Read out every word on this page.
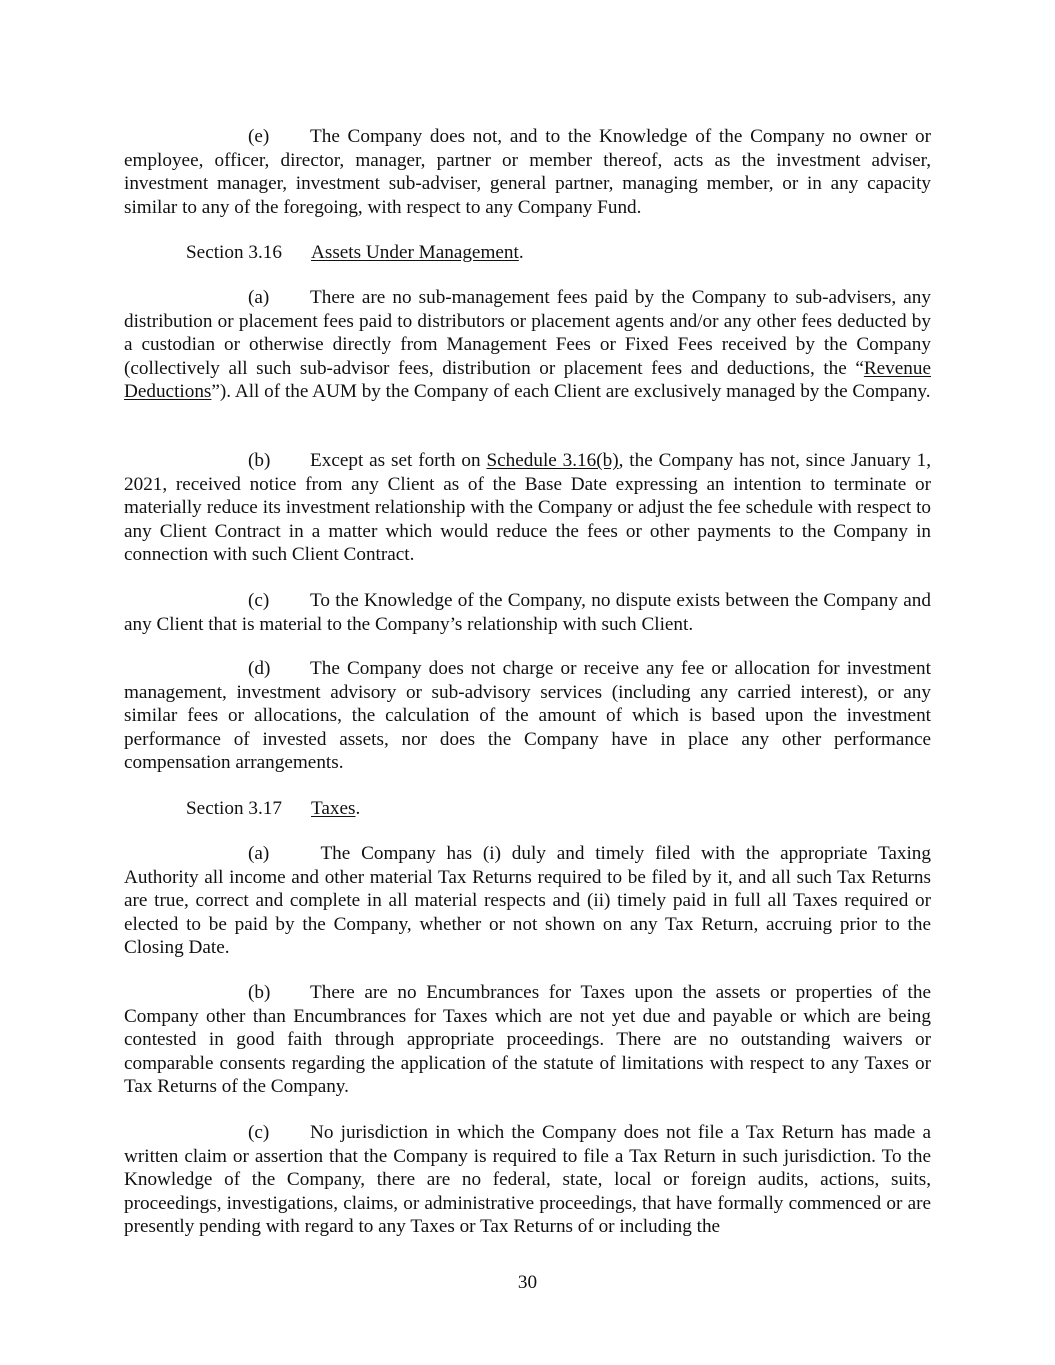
(e) The Company does not, and to the Knowledge of the Company no owner or employee, officer, director, manager, partner or member thereof, acts as the investment adviser, investment manager, investment sub-adviser, general partner, managing member, or in any capacity similar to any of the foregoing, with respect to any Company Fund.

Section 3.16 Assets Under Management.

(a) There are no sub-management fees paid by the Company to sub-advisers, any distribution or placement fees paid to distributors or placement agents and/or any other fees deducted by a custodian or otherwise directly from Management Fees or Fixed Fees received by the Company (collectively all such sub-advisor fees, distribution or placement fees and deductions, the “Revenue Deductions”). All of the AUM by the Company of each Client are exclusively managed by the Company.

(b) Except as set forth on Schedule 3.16(b), the Company has not, since January 1, 2021, received notice from any Client as of the Base Date expressing an intention to terminate or materially reduce its investment relationship with the Company or adjust the fee schedule with respect to any Client Contract in a matter which would reduce the fees or other payments to the Company in connection with such Client Contract.

(c) To the Knowledge of the Company, no dispute exists between the Company and any Client that is material to the Company’s relationship with such Client.

(d) The Company does not charge or receive any fee or allocation for investment management, investment advisory or sub-advisory services (including any carried interest), or any similar fees or allocations, the calculation of the amount of which is based upon the investment performance of invested assets, nor does the Company have in place any other performance compensation arrangements.

Section 3.17 Taxes.

(a) The Company has (i) duly and timely filed with the appropriate Taxing Authority all income and other material Tax Returns required to be filed by it, and all such Tax Returns are true, correct and complete in all material respects and (ii) timely paid in full all Taxes required or elected to be paid by the Company, whether or not shown on any Tax Return, accruing prior to the Closing Date.

(b) There are no Encumbrances for Taxes upon the assets or properties of the Company other than Encumbrances for Taxes which are not yet due and payable or which are being contested in good faith through appropriate proceedings. There are no outstanding waivers or comparable consents regarding the application of the statute of limitations with respect to any Taxes or Tax Returns of the Company.

(c) No jurisdiction in which the Company does not file a Tax Return has made a written claim or assertion that the Company is required to file a Tax Return in such jurisdiction. To the Knowledge of the Company, there are no federal, state, local or foreign audits, actions, suits, proceedings, investigations, claims, or administrative proceedings, that have formally commenced or are presently pending with regard to any Taxes or Tax Returns of or including the

30
